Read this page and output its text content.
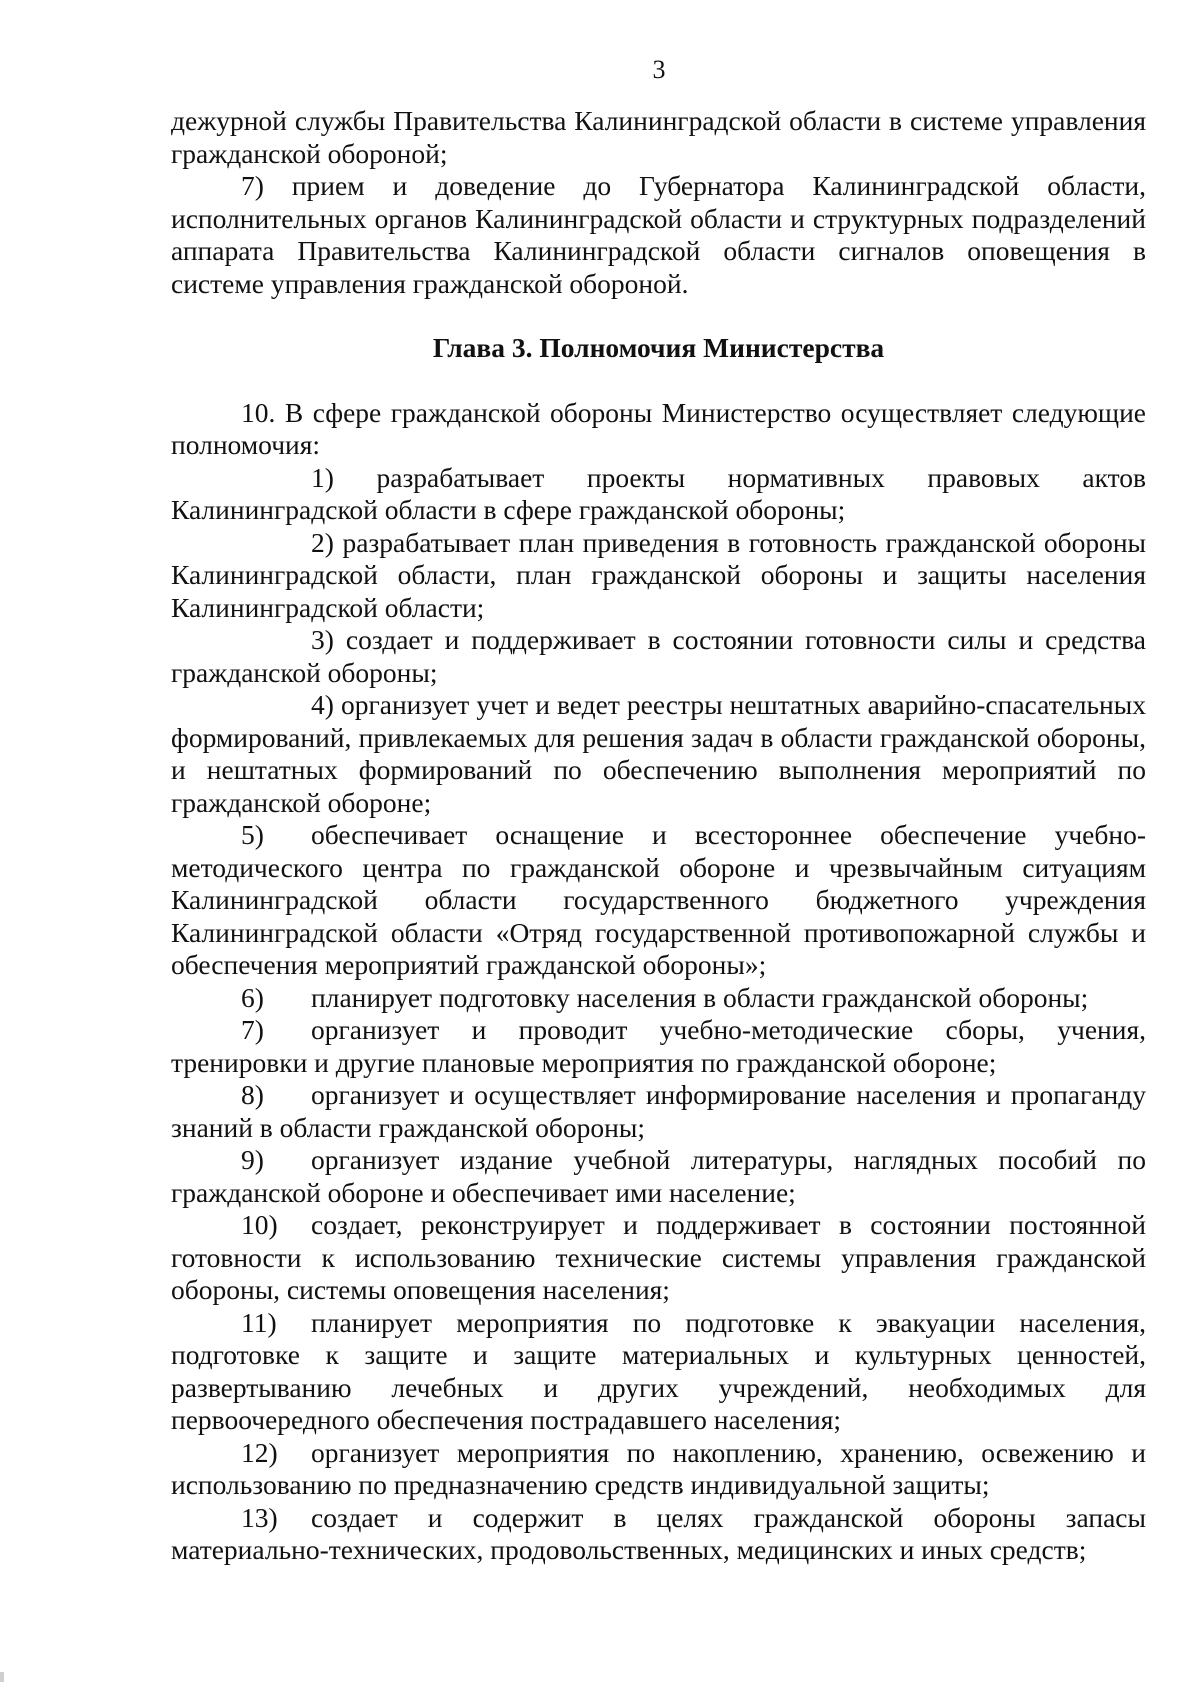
3

дежурной службы Правительства Калининградской области в системе управления гражданской обороной;

7) прием и доведение до Губернатора Калининградской области, исполнительных органов Калининградской области и структурных подразделений аппарата Правительства Калининградской области сигналов оповещения в системе управления гражданской обороной.

Глава 3. Полномочия Министерства

10. В сфере гражданской обороны Министерство осуществляет следующие полномочия:

1) разрабатывает проекты нормативных правовых актов Калининградской области в сфере гражданской обороны;

2) разрабатывает план приведения в готовность гражданской обороны Калининградской области, план гражданской обороны и защиты населения Калининградской области;

3) создает и поддерживает в состоянии готовности силы и средства гражданской обороны;

4) организует учет и ведет реестры нештатных аварийно-спасательных формирований, привлекаемых для решения задач в области гражданской обороны, и нештатных формирований по обеспечению выполнения мероприятий по гражданской обороне;

5) обеспечивает оснащение и всестороннее обеспечение учебно-методического центра по гражданской обороне и чрезвычайным ситуациям Калининградской области государственного бюджетного учреждения Калининградской области «Отряд государственной противопожарной службы и обеспечения мероприятий гражданской обороны»;

6) планирует подготовку населения в области гражданской обороны;

7) организует и проводит учебно-методические сборы, учения, тренировки и другие плановые мероприятия по гражданской обороне;

8) организует и осуществляет информирование населения и пропаганду знаний в области гражданской обороны;

9) организует издание учебной литературы, наглядных пособий по гражданской обороне и обеспечивает ими население;

10) создает, реконструирует и поддерживает в состоянии постоянной готовности к использованию технические системы управления гражданской обороны, системы оповещения населения;

11) планирует мероприятия по подготовке к эвакуации населения, подготовке к защите и защите материальных и культурных ценностей, развертыванию лечебных и других учреждений, необходимых для первоочередного обеспечения пострадавшего населения;

12) организует мероприятия по накоплению, хранению, освежению и использованию по предназначению средств индивидуальной защиты;

13) создает и содержит в целях гражданской обороны запасы материально-технических, продовольственных, медицинских и иных средств;
